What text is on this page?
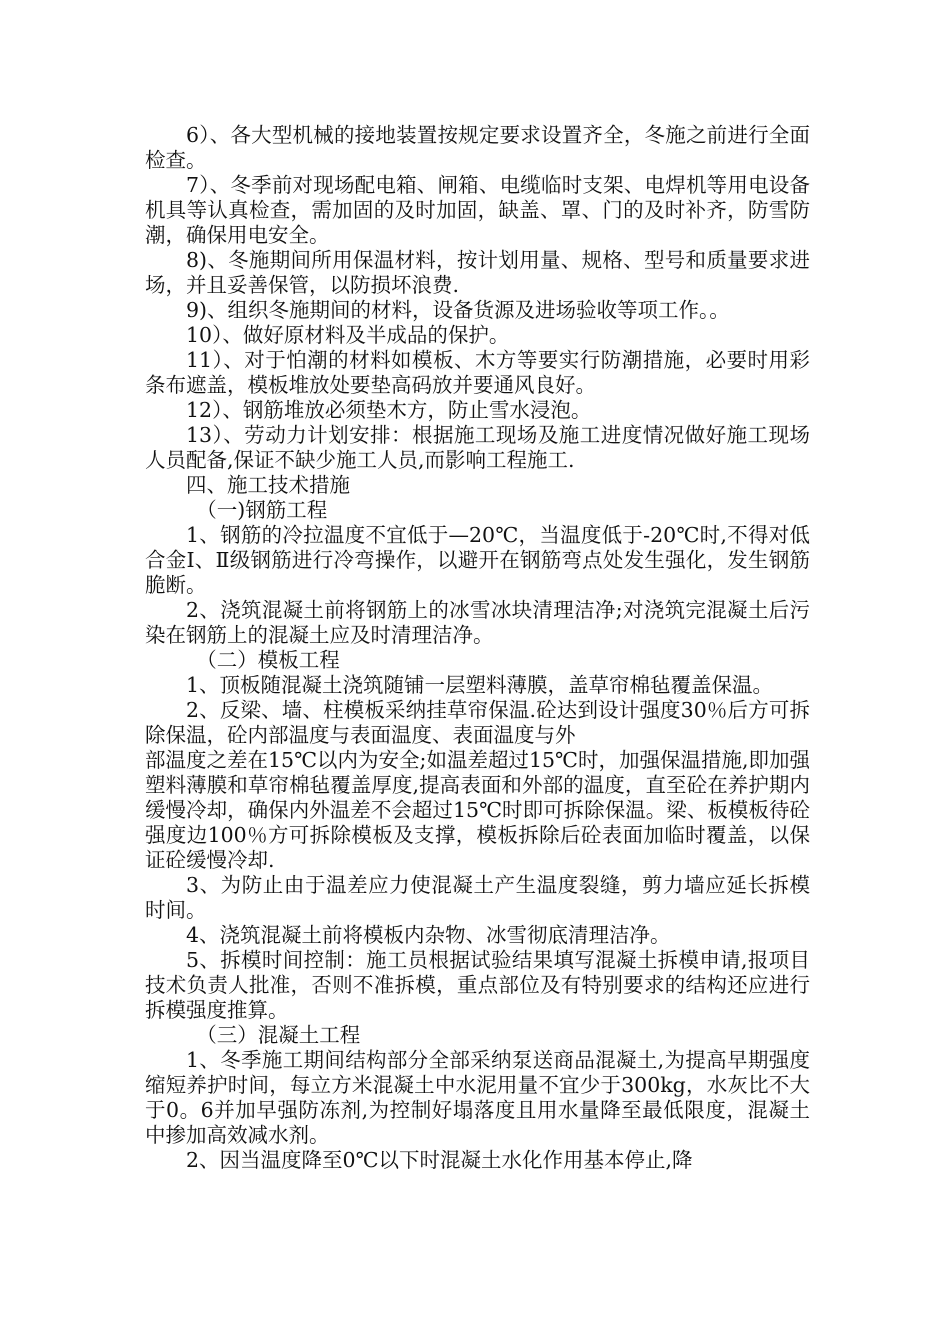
6）、各大型机械的接地装置按规定要求设置齐全，冬施之前进行全面检查。

7）、冬季前对现场配电箱、闸箱、电缆临时支架、电焊机等用电设备机具等认真检查，需加固的及时加固，缺盖、罩、门的及时补齐，防雪防潮，确保用电安全。

8)、冬施期间所用保温材料，按计划用量、规格、型号和质量要求进场，并且妥善保管，以防损坏浪费.

9)、组织冬施期间的材料，设备货源及进场验收等项工作。。

10）、做好原材料及半成品的保护。

11）、对于怕潮的材料如模板、木方等要实行防潮措施，必要时用彩条布遮盖，模板堆放处要垫高码放并要通风良好。

12）、钢筋堆放必须垫木方，防止雪水浸泡。

13）、劳动力计划安排：根据施工现场及施工进度情况做好施工现场人员配备,保证不缺少施工人员,而影响工程施工.

四、施工技术措施

（一)钢筋工程

1、钢筋的冷拉温度不宜低于—20℃，当温度低于-20℃时,不得对低合金Ⅰ、Ⅱ级钢筋进行冷弯操作，以避开在钢筋弯点处发生强化，发生钢筋脆断。

2、浇筑混凝土前将钢筋上的冰雪冰块清理洁净;对浇筑完混凝土后污染在钢筋上的混凝土应及时清理洁净。

（二）模板工程

1、顶板随混凝土浇筑随铺一层塑料薄膜，盖草帘棉毡覆盖保温。

2、反梁、墙、柱模板采纳挂草帘保温.砼达到设计强度30％后方可拆除保温，砼内部温度与表面温度、表面温度与外

部温度之差在15℃以内为安全;如温差超过15℃时，加强保温措施,即加强塑料薄膜和草帘棉毡覆盖厚度,提高表面和外部的温度，直至砼在养护期内缓慢冷却，确保内外温差不会超过15℃时即可拆除保温。梁、板模板待砼强度边100％方可拆除模板及支撑，模板拆除后砼表面加临时覆盖，以保证砼缓慢冷却.

3、为防止由于温差应力使混凝土产生温度裂缝，剪力墙应延长拆模时间。

4、浇筑混凝土前将模板内杂物、冰雪彻底清理洁净。

5、拆模时间控制：施工员根据试验结果填写混凝土拆模申请,报项目技术负责人批准，否则不准拆模，重点部位及有特别要求的结构还应进行拆模强度推算。

（三）混凝土工程

1、冬季施工期间结构部分全部采纳泵送商品混凝土,为提高早期强度缩短养护时间，每立方米混凝土中水泥用量不宜少于300kg，水灰比不大于0。6并加早强防冻剂,为控制好塌落度且用水量降至最低限度，混凝土中掺加高效减水剂。

2、因当温度降至0℃以下时混凝土水化作用基本停止,降
